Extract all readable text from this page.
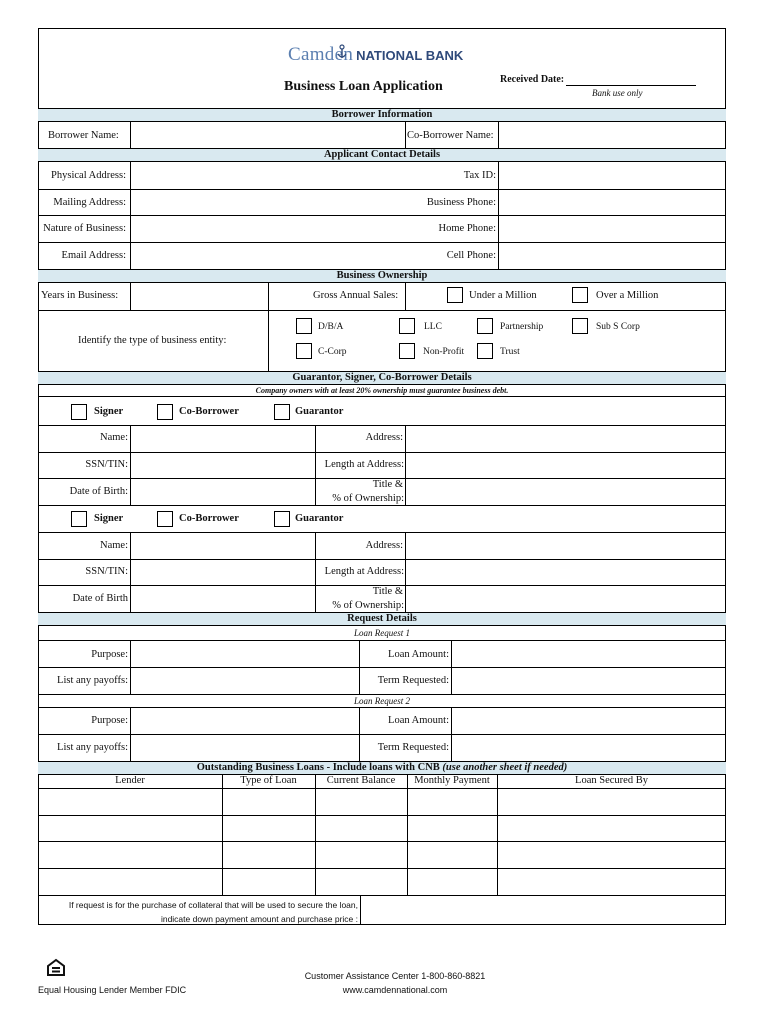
Camden NATIONAL BANK
Business Loan Application	Received Date:
Bank use only
Borrower Information
Borrower Name:	Co-Borrower Name:
Applicant Contact Details
Physical Address:	Tax ID:
Mailing Address:	Business Phone:
Nature of Business:	Home Phone:
Email Address:	Cell Phone:
Business Ownership
Years in Business:	Gross Annual Sales:	Under a Million	Over a Million
Identify the type of business entity:
D/B/A	LLC	Partnership	Sub S Corp
C-Corp	Non-Profit	Trust
Guarantor, Signer, Co-Borrower Details
Company owners with at least 20% ownership must guarantee business debt.
Signer	Co-Borrower	Guarantor
Name:	Address:
SSN/TIN:	Length at Address:
Date of Birth:
Title &
% of Ownership:
Signer	Co-Borrower	Guarantor
Name:	Address:
SSN/TIN:	Length at Address:
Date of Birth
Title &
% of Ownership:
Request Details
Loan Request 1
Purpose:	Loan Amount:
List any payoffs:	Term Requested:
Loan Request 2
Purpose:	Loan Amount:
List any payoffs:	Term Requested:
Outstanding Business Loans - Include loans with CNB (use another sheet if needed)
Lender	Type of Loan	Current Balance	Monthly Payment	Loan Secured By
If request is for the purchase of collateral that will be used to secure the loan,
indicate down payment amount and purchase price :
Equal Housing Lender Member FDIC
Customer Assistance Center 1-800-860-8821
www.camdennational.com
